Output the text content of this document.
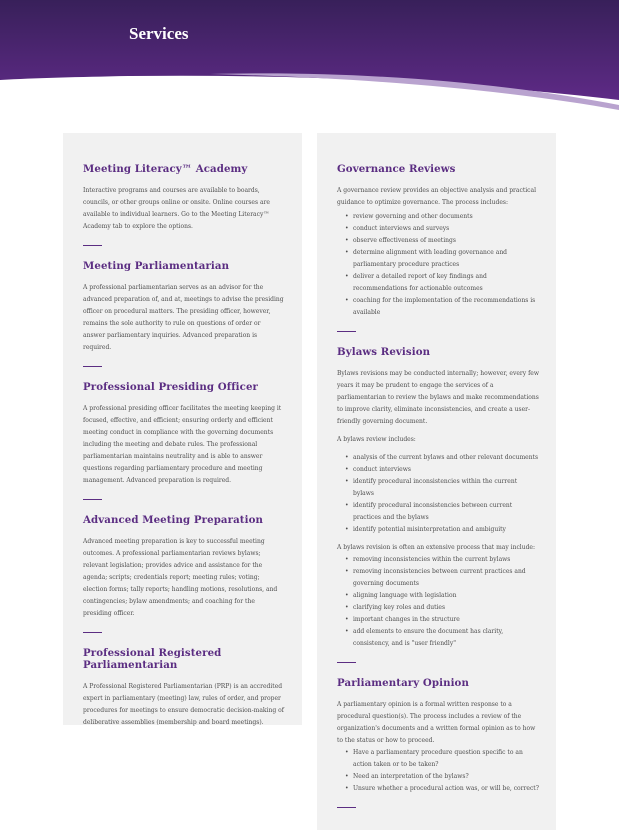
Services
Meeting Literacy™ Academy

Interactive programs and courses are available to boards, councils, or other groups online or onsite. Online courses are available to individual learners. Go to the Meeting Literacy™ Academy tab to explore the options.

Meeting Parliamentarian

A professional parliamentarian serves as an advisor for the advanced preparation of, and at, meetings to advise the presiding officer on procedural matters. The presiding officer, however, remains the sole authority to rule on questions of order or answer parliamentary inquiries. Advanced preparation is required.

Professional Presiding Officer

A professional presiding officer facilitates the meeting keeping it focused, effective, and efficient; ensuring orderly and efficient meeting conduct in compliance with the governing documents including the meeting and debate rules. The professional parliamentarian maintains neutrality and is able to answer questions regarding parliamentary procedure and meeting management. Advanced preparation is required.

Advanced Meeting Preparation

Advanced meeting preparation is key to successful meeting outcomes. A professional parliamentarian reviews bylaws; relevant legislation; provides advice and assistance for the agenda; scripts; credentials report; meeting rules; voting; election forms; tally reports; handling motions, resolutions, and contingencies; bylaw amendments; and coaching for the presiding officer.

Professional Registered Parliamentarian

A Professional Registered Parliamentarian (PRP) is an accredited expert in parliamentary (meeting) law, rules of order, and proper procedures for meetings to ensure democratic decision-making of deliberative assemblies (membership and board meetings).

Governance Reviews

A governance review provides an objective analysis and practical guidance to optimize governance. The process includes:

• review governing and other documents
• conduct interviews and surveys
• observe effectiveness of meetings
• determine alignment with leading governance and parliamentary procedure practices
• deliver a detailed report of key findings and recommendations for actionable outcomes
• coaching for the implementation of the recommendations is available
Bylaws Revision

Bylaws revisions may be conducted internally; however, every few years it may be prudent to engage the services of a parliamentarian to review the bylaws and make recommendations to improve clarity, eliminate inconsistencies, and create a user-friendly governing document.

A bylaws review includes:

• analysis of the current bylaws and other relevant documents
• conduct interviews
• identify procedural inconsistencies within the current bylaws
• identify procedural inconsistencies between current practices and the bylaws
• identify potential misinterpretation and ambiguity

A bylaws revision is often an extensive process that may include:

• removing inconsistencies within the current bylaws
• removing inconsistencies between current practices and governing documents
• aligning language with legislation
• clarifying key roles and duties
• important changes in the structure
• add elements to ensure the document has clarity, consistency, and is "user friendly"
Parliamentary Opinion

A parliamentary opinion is a formal written response to a procedural question(s). The process includes a review of the organization's documents and a written formal opinion as to how to the status or how to proceed.

• Have a parliamentary procedure question specific to an action taken or to be taken?
• Need an interpretation of the bylaws?
• Unsure whether a procedural action was, or will be, correct?
